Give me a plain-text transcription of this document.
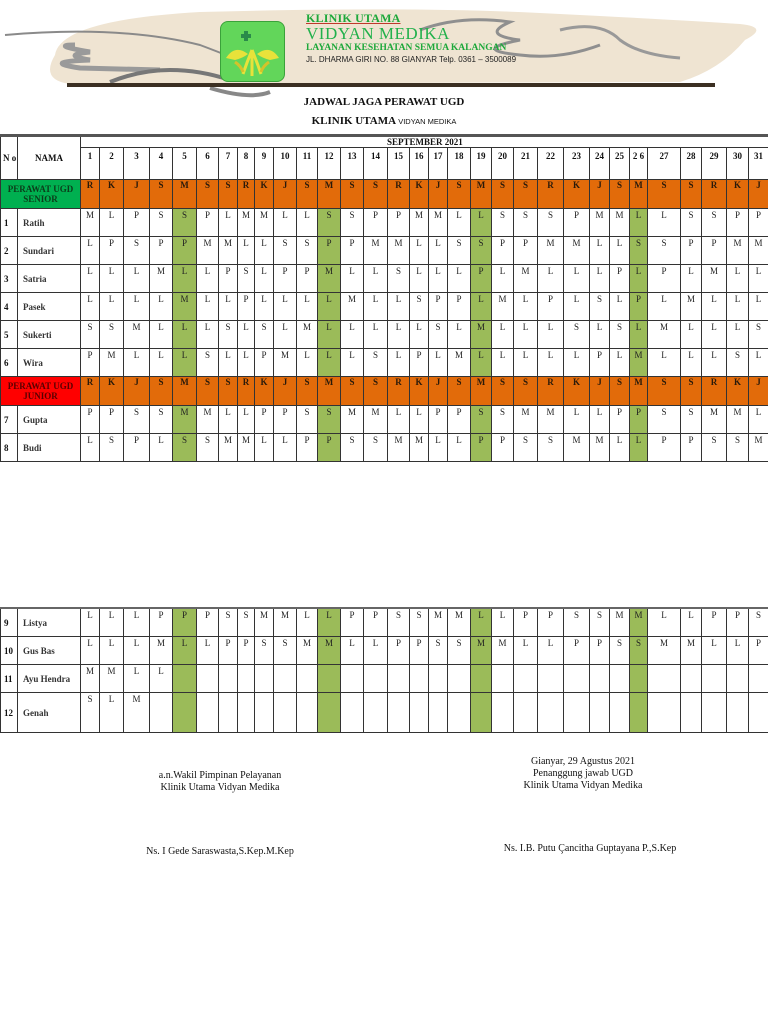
KLINIK UTAMA
VIDYAN MEDIKA
LAYANAN KESEHATAN SEMUA KALANGAN
JL. DHARMA GIRI NO. 88 GIANYAR Telp. 0361 – 3500089
JADWAL JAGA PERAWAT UGD
KLINIK UTAMA VIDYAN MEDIKA
N o	NAMA	SEPTEMBER 2021																														
		1	2	3	4	5	6	7	8	9	10	11	12	13	14	15	16	17	18	19	20	21	22	23	24	25	2 6	27	28	29	30	31
PERAWAT UGD SENIOR		R	K	J	S	M	S	S	R	K	J	S	M	S	S	R	K	J	S	M	S	S	R	K	J	S	M	S	S	R	K	J
1	Ratih	M	L	P	S	S	P	L	M	M	L	L	S	S	P	P	M	M	L	L	S	S	S	P	M	M	L	L	S	S	P	P
2	Sundari	L	P	S	P	P	M	M	L	L	S	S	P	P	M	M	L	L	S	S	P	P	M	M	L	L	S	S	P	P	M	M
3	Satria	L	L	L	M	L	L	P	S	L	P	P	M	L	L	S	L	L	L	P	L	M	L	L	L	P	L	P	L	M	L	L
4	Pasek	L	L	L	L	M	L	L	P	L	L	L	L	M	L	L	S	P	P	L	M	L	P	L	S	L	P	L	M	L	L	L
5	Sukerti	S	S	M	L	L	L	S	L	S	L	M	L	L	L	L	L	S	L	M	L	L	L	S	L	S	L	M	L	L	L	S
6	Wira	P	M	L	L	L	S	L	L	P	M	L	L	L	S	L	P	L	M	L	L	L	L	L	P	L	M	L	L	L	S	L
PERAWAT UGD JUNIOR		R	K	J	S	M	S	S	R	K	J	S	M	S	S	R	K	J	S	M	S	S	R	K	J	S	M	S	S	R	K	J
7	Gupta	P	P	S	S	M	M	L	L	P	P	S	S	M	M	L	L	P	P	S	S	M	M	L	L	P	P	S	S	M	M	L
8	Budi	L	S	P	L	S	S	M	M	L	L	P	P	S	S	M	M	L	L	P	P	S	S	M	M	L	L	P	P	S	S	M
9	Listya	L	L	L	P	P	P	S	S	M	M	L	L	P	P	S	S	M	M	L	L	P	P	S	S	M	M	L	L	P	P	S
10	Gus Bas	L	L	L	M	L	L	P	P	S	S	M	M	L	L	P	P	S	S	M	M	L	L	P	P	S	S	M	M	L	L	P
11	Ayu Hendra	M	M	L	L																											
12	Genah	S	L	M																												
a.n.Wakil Pimpinan Pelayanan
Klinik Utama Vidyan Medika
Gianyar, 29 Agustus 2021
Penanggung jawab UGD
Klinik Utama Vidyan Medika
Ns. I Gede Saraswasta,S.Kep.M.Kep	Ns. I.B. Putu Çancitha Guptayana P.,S.Kep
